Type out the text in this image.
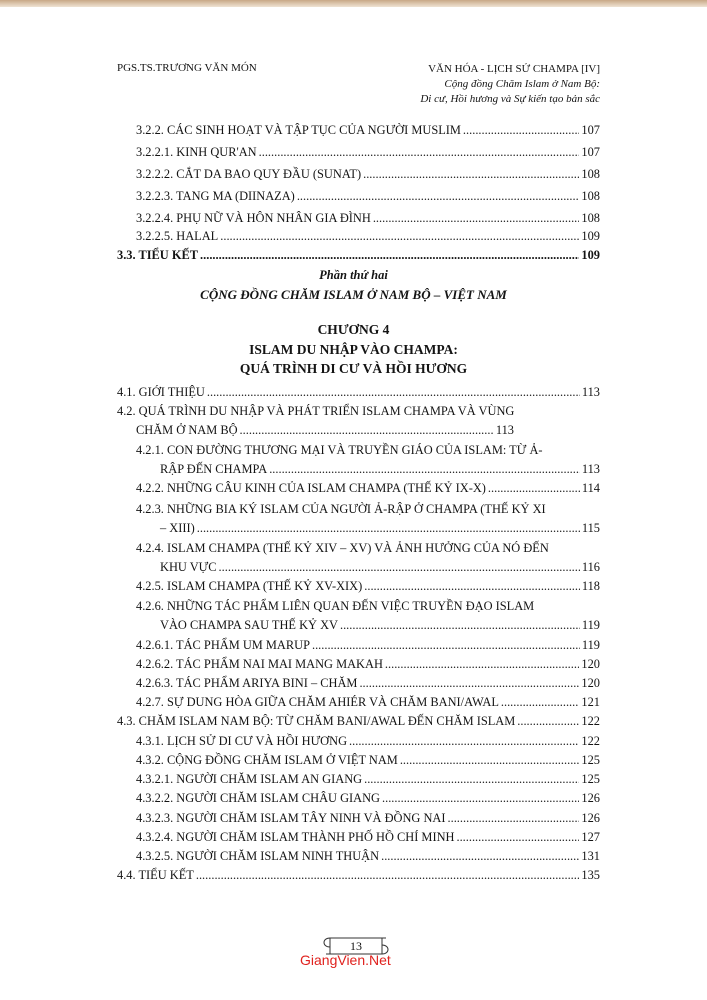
PGS.TS.TRƯƠNG VĂN MÓN	VĂN HÓA - LỊCH SỬ CHAMPA [IV]
Cộng đồng Chăm Islam ở Nam Bộ:
Di cư, Hồi hương và Sự kiến tạo bản sắc
3.2.2. CÁC SINH HOẠT VÀ TẬP TỤC CỦA NGƯỜI MUSLIM .....	107
3.2.2.1. KINH QUR'AN .....	107
3.2.2.2. CẮT DA BAO QUY ĐẦU (SUNAT) .....	108
3.2.2.3. TANG MA (DIINAZA) .....	108
3.2.2.4. PHỤ NỮ VÀ HÔN NHÂN GIA ĐÌNH .....	108
3.2.2.5. HALAL .....	109
3.3. TIỂU KẾT .....	109
Phần thứ hai
CỘNG ĐỒNG CHĂM ISLAM Ở NAM BỘ – VIỆT NAM
CHƯƠNG 4
ISLAM DU NHẬP VÀO CHAMPA:
QUÁ TRÌNH DI CƯ VÀ HỒI HƯƠNG
4.1. GIỚI THIỆU .....	113
4.2. QUÁ TRÌNH DU NHẬP VÀ PHÁT TRIỂN ISLAM CHAMPA VÀ VÙNG
CHĂM Ở NAM BỘ .....	113
4.2.1. CON ĐƯỜNG THƯƠNG MẠI VÀ TRUYỀN GIÁO CỦA ISLAM: TỪ Ả-
RẬP ĐẾN CHAMPA .....	113
4.2.2. NHỮNG CÂU KINH CỦA ISLAM CHAMPA (THẾ KỶ IX-X) .....	114
4.2.3. NHỮNG BIA KÝ ISLAM CỦA NGƯỜI Ả-RẬP Ở CHAMPA (THẾ KỶ XI
– XIII) .....	115
4.2.4. ISLAM CHAMPA (THẾ KỶ XIV – XV) VÀ ẢNH HƯỞNG CỦA NÓ ĐẾN
KHU VỰC .....	116
4.2.5. ISLAM CHAMPA (THẾ KỶ XV-XIX) .....	118
4.2.6. NHỮNG TÁC PHẨM LIÊN QUAN ĐẾN VIỆC TRUYỀN ĐẠO ISLAM
VÀO CHAMPA SAU THẾ KỶ XV .....	119
4.2.6.1. TÁC PHẨM UM MARUP .....	119
4.2.6.2. TÁC PHẨM NAI MAI MANG MAKAH .....	120
4.2.6.3. TÁC PHẨM ARIYA BINI – CHĂM .....	120
4.2.7. SỰ DUNG HÒA GIỮA CHĂM AHIÉR VÀ CHĂM BANI/AWAL .....	121
4.3. CHĂM ISLAM NAM BỘ: TỪ CHĂM BANI/AWAL ĐẾN CHĂM ISLAM .....	122
4.3.1. LỊCH SỬ DI CƯ VÀ HỒI HƯƠNG .....	122
4.3.2. CỘNG ĐỒNG CHĂM ISLAM Ở VIỆT NAM .....	125
4.3.2.1. NGƯỜI CHĂM ISLAM AN GIANG .....	125
4.3.2.2. NGƯỜI CHĂM ISLAM CHÂU GIANG .....	126
4.3.2.3. NGƯỜI CHĂM ISLAM TÂY NINH VÀ ĐỒNG NAI .....	126
4.3.2.4. NGƯỜI CHĂM ISLAM THÀNH PHỐ HỒ CHÍ MINH .....	127
4.3.2.5. NGƯỜI CHĂM ISLAM NINH THUẬN .....	131
4.4. TIỂU KẾT .....	135
13
GiangVien.Net
